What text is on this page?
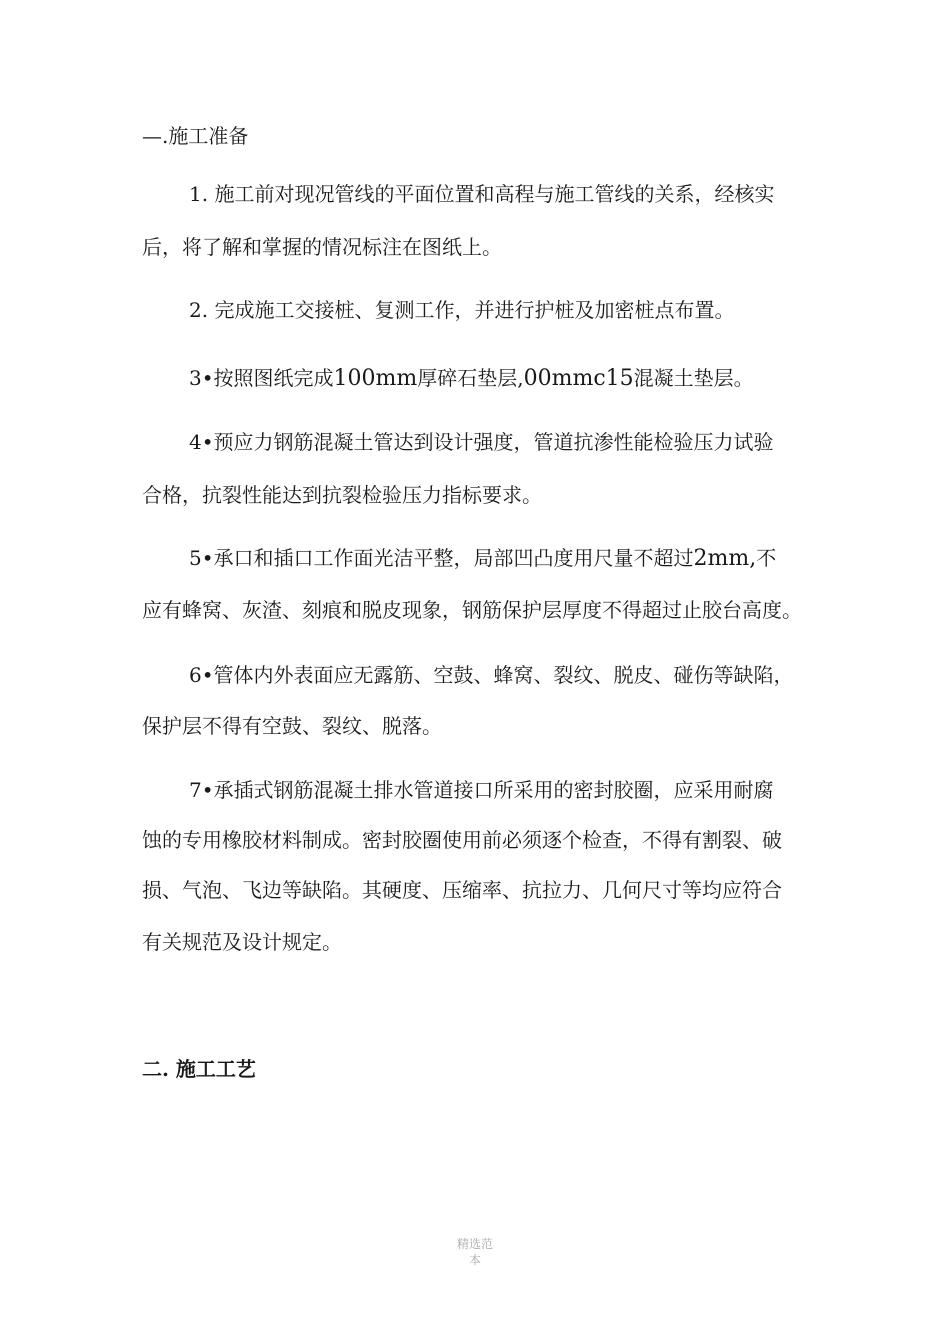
—.施工准备
1. 施工前对现况管线的平面位置和高程与施工管线的关系，经核实
后，将了解和掌握的情况标注在图纸上。
2. 完成施工交接桩、复测工作，并进行护桩及加密桩点布置。
3•按照图纸完成100mm厚碎石垫层,00mmc15混凝土垫层。
4•预应力钢筋混凝土管达到设计强度，管道抗渗性能检验压力试验
合格，抗裂性能达到抗裂检验压力指标要求。
5•承口和插口工作面光洁平整，局部凹凸度用尺量不超过2mm,不
应有蜂窝、灰渣、刻痕和脱皮现象，钢筋保护层厚度不得超过止胶台高度。
6•管体内外表面应无露筋、空鼓、蜂窝、裂纹、脱皮、碰伤等缺陷，
保护层不得有空鼓、裂纹、脱落。
7•承插式钢筋混凝土排水管道接口所采用的密封胶圈，应采用耐腐
蚀的专用橡胶材料制成。密封胶圈使用前必须逐个检查，不得有割裂、破
损、气泡、飞边等缺陷。其硬度、压缩率、抗拉力、几何尺寸等均应符合
有关规范及设计规定。
二. 施工工艺
精选范
本
